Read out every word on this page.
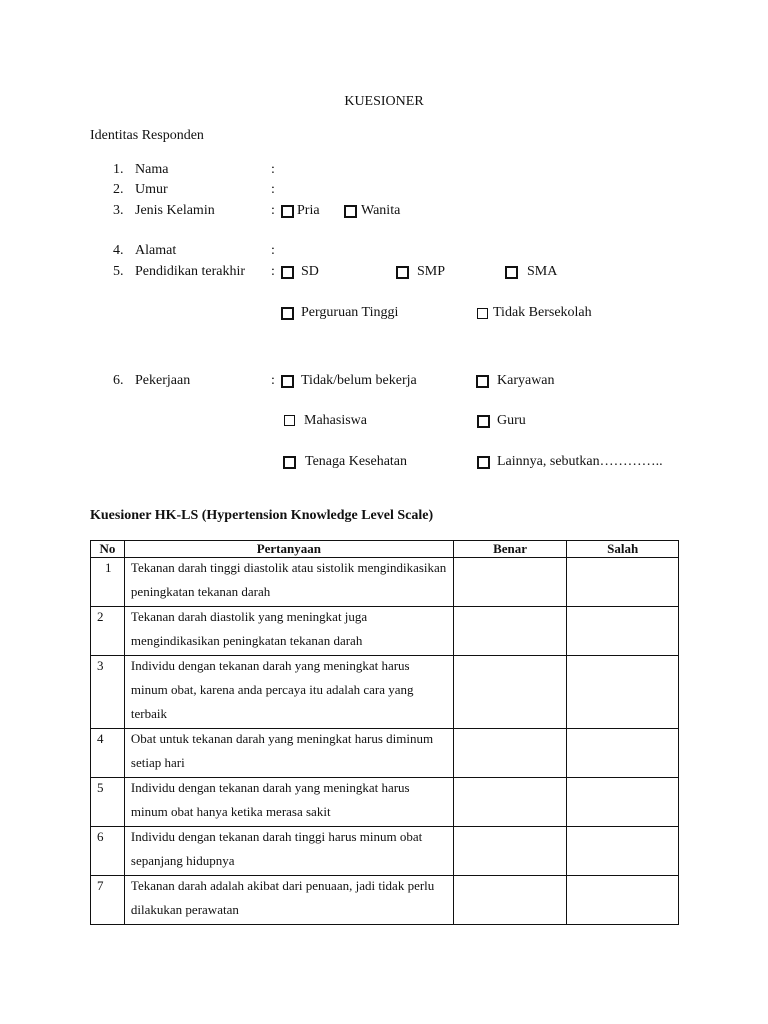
KUESIONER
Identitas Responden
1. Nama	:
2. Umur	:
3. Jenis Kelamin	: Pria	Wanita
4. Alamat	:
5. Pendidikan terakhir : SD	SMP	SMA
Perguruan Tinggi	Tidak Bersekolah
6. Pekerjaan	: Tidak/belum bekerja	Karyawan
Mahasiswa	Guru
Tenaga Kesehatan	Lainnya, sebutkan…………..
Kuesioner HK-LS (Hypertension Knowledge Level Scale)
No	Pertanyaan	Benar	Salah

1	Tekanan darah tinggi diastolik atau sistolik mengindikasikan peningkatan tekanan darah		

2	Tekanan darah diastolik yang meningkat juga mengindikasikan peningkatan tekanan darah		

3	Individu dengan tekanan darah yang meningkat harus minum obat, karena anda percaya itu adalah cara yang terbaik		

4	Obat untuk tekanan darah yang meningkat harus diminum setiap hari		

5	Individu dengan tekanan darah yang meningkat harus minum obat hanya ketika merasa sakit		

6	Individu dengan tekanan darah tinggi harus minum obat sepanjang hidupnya		

7	Tekanan darah adalah akibat dari penuaan, jadi tidak perlu dilakukan perawatan		
